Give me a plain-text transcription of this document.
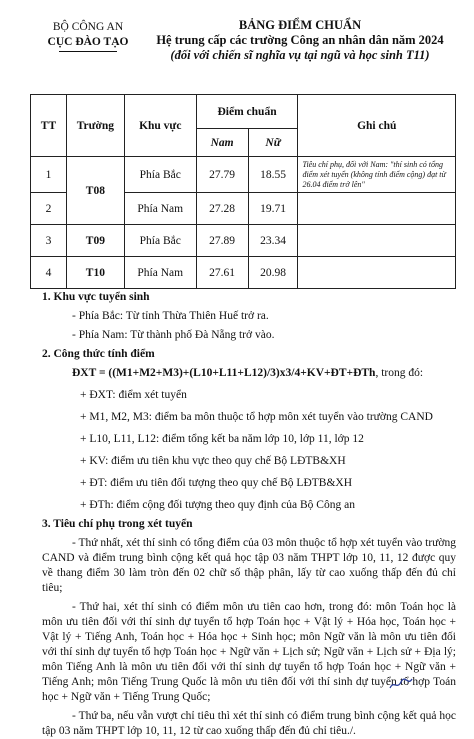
BỘ CÔNG AN
CỤC ĐÀO TẠO
BẢNG ĐIỂM CHUẨN
Hệ trung cấp các trường Công an nhân dân năm 2024
(đối với chiến sĩ nghĩa vụ tại ngũ và học sinh T11)
TT	Trường	Khu vực	Điểm chuẩn		Ghi chú
			Nam	Nữ	
1	T08	Phía Bắc	27.79	18.55	Tiêu chí phụ, đối với Nam: "thí sinh có tổng điểm xét tuyển (không tính điểm cộng) đạt từ 26.04 điểm trở lên"
2		Phía Nam	27.28	19.71	
3	T09	Phía Bắc	27.89	23.34	
4	T10	Phía Nam	27.61	20.98	

1. Khu vực tuyển sinh

- Phía Bắc: Từ tỉnh Thừa Thiên Huế trở ra.

- Phía Nam: Từ thành phố Đà Nẵng trở vào.

2. Công thức tính điểm

ĐXT = ((M1+M2+M3)+(L10+L11+L12)/3)x3/4+KV+ĐT+ĐTh, trong đó:

+ ĐXT: điểm xét tuyển

+ M1, M2, M3: điểm ba môn thuộc tổ hợp môn xét tuyển vào trường CAND

+ L10, L11, L12: điểm tổng kết ba năm lớp 10, lớp 11, lớp 12

+ KV: điểm ưu tiên khu vực theo quy chế Bộ LĐTB&XH

+ ĐT: điểm ưu tiên đối tượng theo quy chế Bộ LĐTB&XH

+ ĐTh: điểm cộng đối tượng theo quy định của Bộ Công an

3. Tiêu chí phụ trong xét tuyển

- Thứ nhất, xét thí sinh có tổng điểm của 03 môn thuộc tổ hợp xét tuyển vào trường CAND và điểm trung bình cộng kết quả học tập 03 năm THPT lớp 10, 11, 12 được quy về thang điểm 30 làm tròn đến 02 chữ số thập phân, lấy từ cao xuống thấp đến đủ chỉ tiêu;

- Thứ hai, xét thí sinh có điểm môn ưu tiên cao hơn, trong đó: môn Toán học là môn ưu tiên đối với thí sinh dự tuyển tổ hợp Toán học + Vật lý + Hóa học, Toán học + Vật lý + Tiếng Anh, Toán học + Hóa học + Sinh học; môn Ngữ văn là môn ưu tiên đối với thí sinh dự tuyển tổ hợp Toán học + Ngữ văn + Lịch sử; Ngữ văn + Lịch sử + Địa lý; môn Tiếng Anh là môn ưu tiên đối với thí sinh dự tuyển tổ hợp Toán học + Ngữ văn + Tiếng Anh; môn Tiếng Trung Quốc là môn ưu tiên đối với thí sinh dự tuyển tổ hợp Toán học + Ngữ văn + Tiếng Trung Quốc;

- Thứ ba, nếu vẫn vượt chỉ tiêu thì xét thí sinh có điểm trung bình cộng kết quả học tập 03 năm THPT lớp 10, 11, 12 từ cao xuống thấp đến đủ chỉ tiêu./.
